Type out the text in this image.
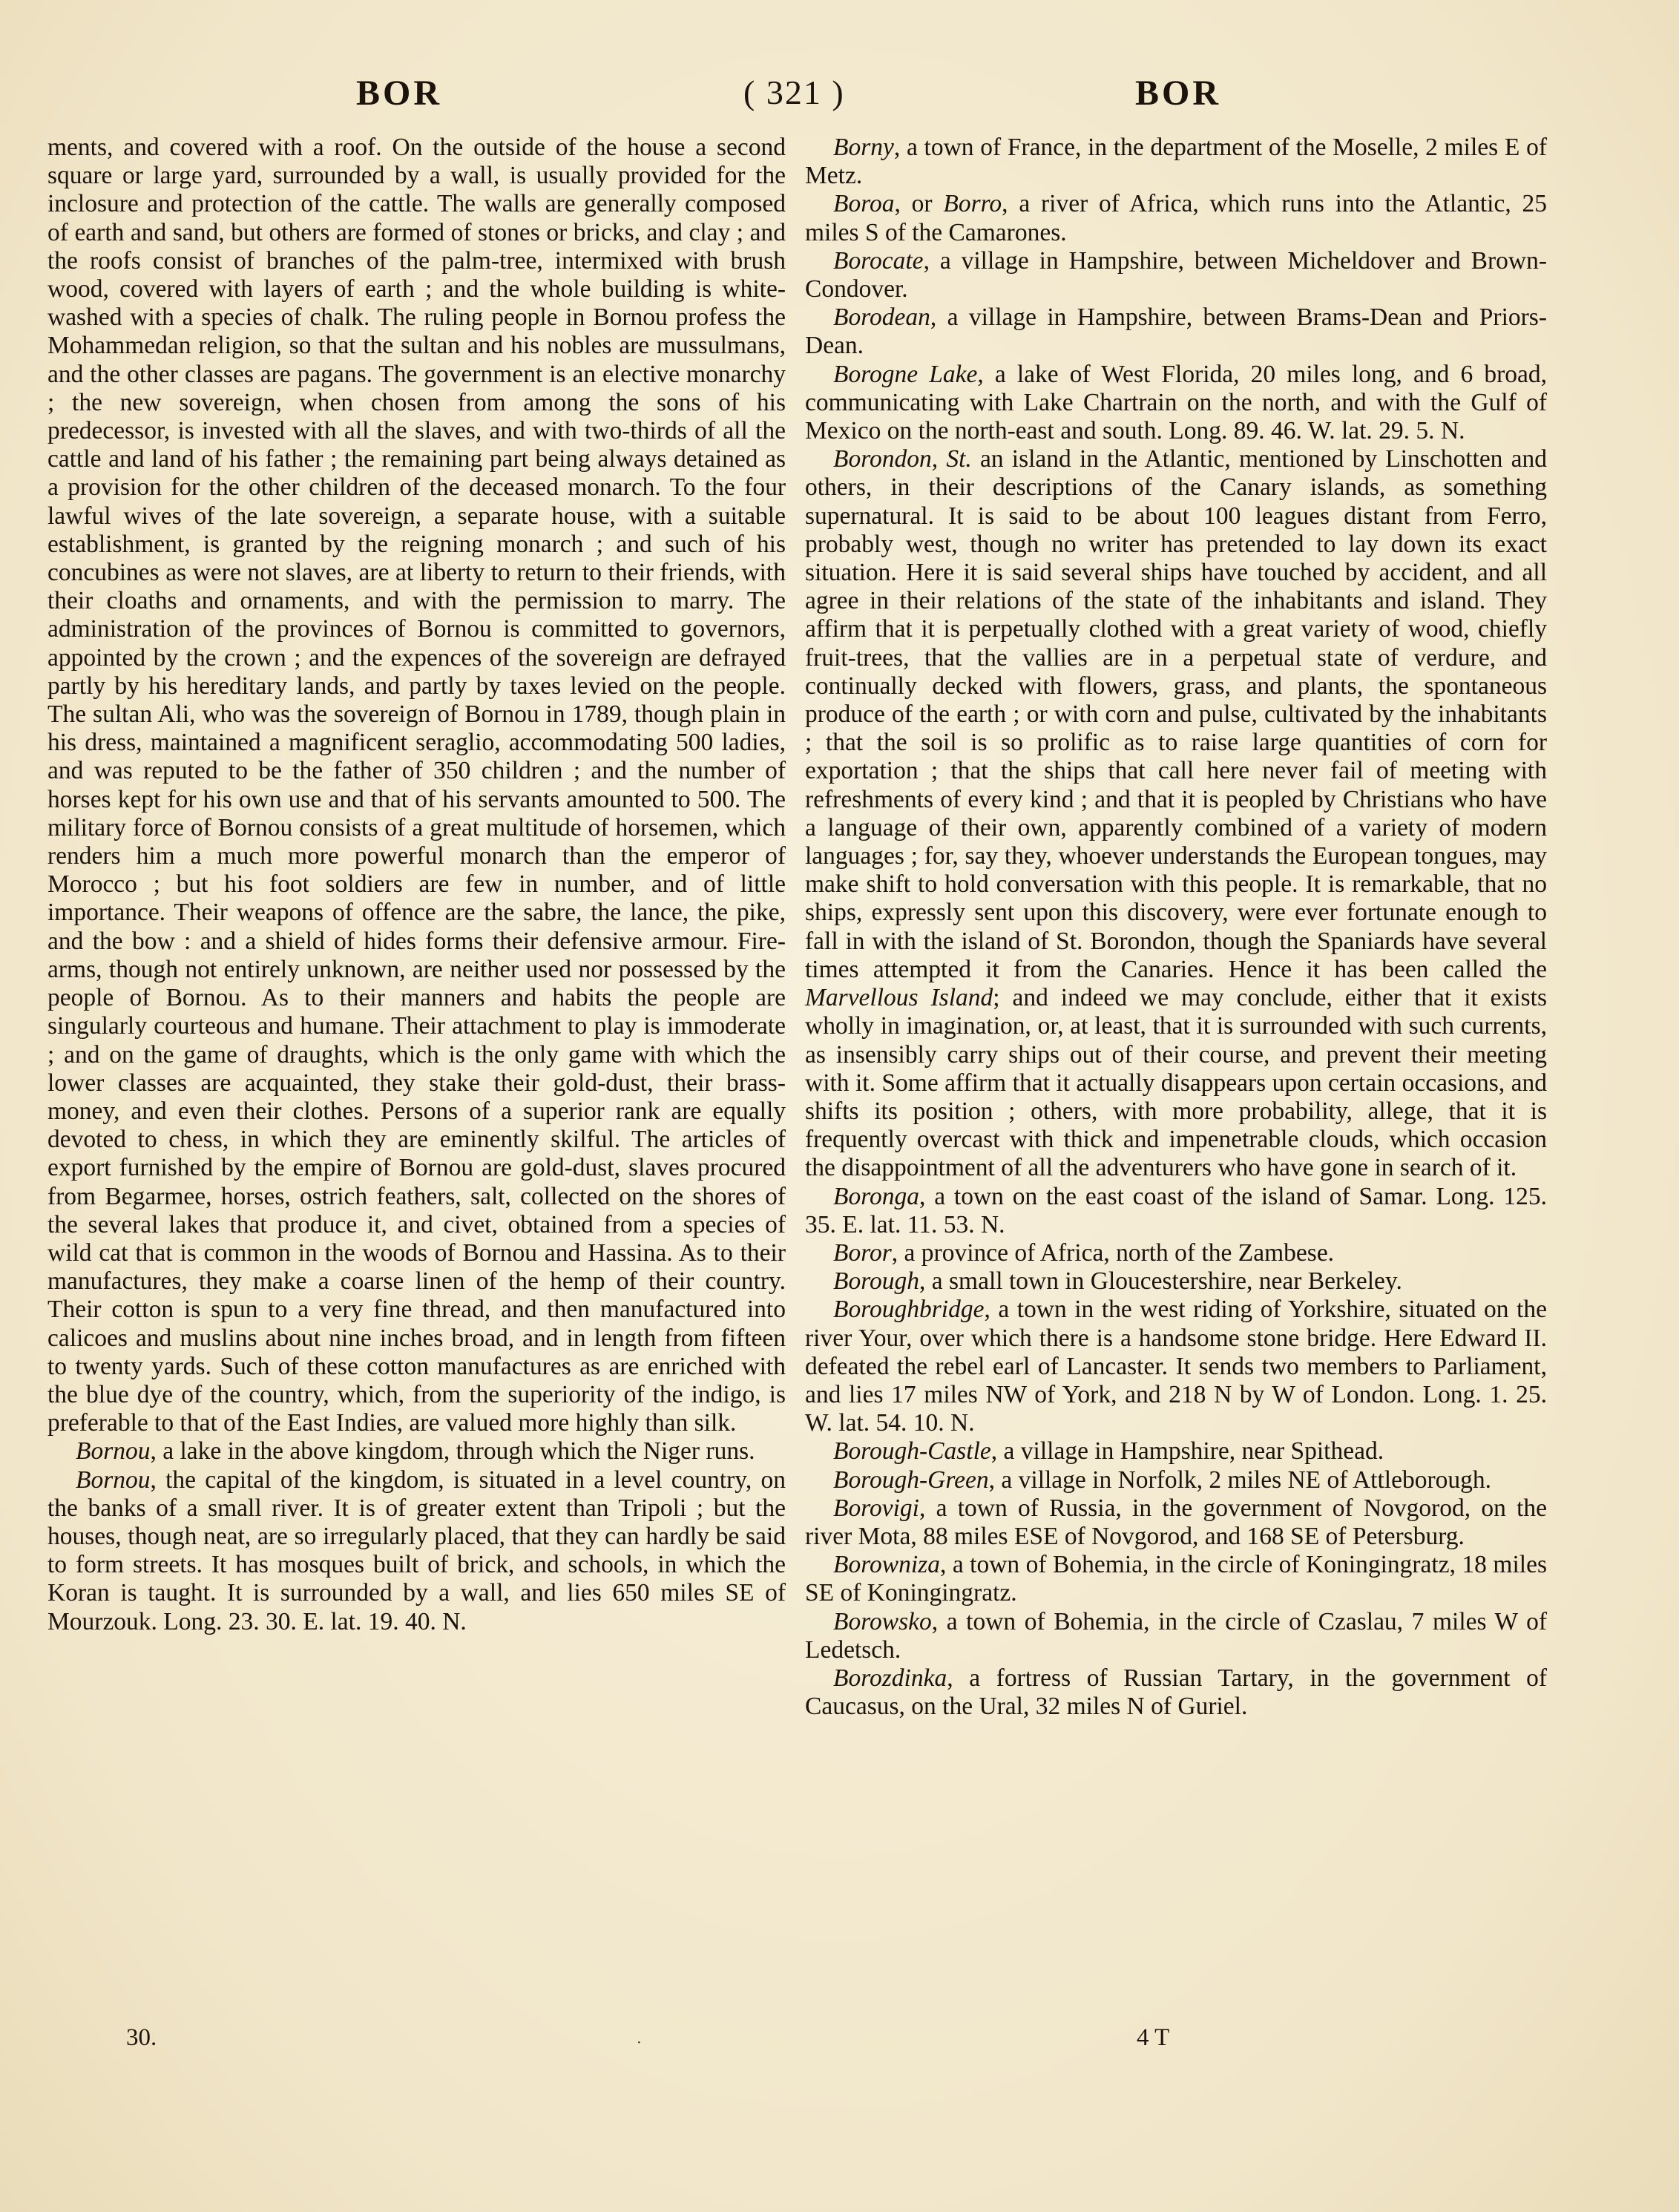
BOR	( 321 )	BOR

ments, and covered with a roof. On the outside of the house a second square or large yard, surrounded by a wall, is usually provided for the inclosure and protection of the cattle. The walls are generally composed of earth and sand, but others are formed of stones or bricks, and clay ; and the roofs consist of branches of the palm-tree, intermixed with brush wood, covered with layers of earth ; and the whole building is white-washed with a species of chalk. The ruling people in Bornou profess the Mohammedan religion, so that the sultan and his nobles are mussulmans, and the other classes are pagans. The government is an elective monarchy ; the new sovereign, when chosen from among the sons of his predecessor, is invested with all the slaves, and with two-thirds of all the cattle and land of his father ; the remaining part being always detained as a provision for the other children of the deceased monarch. To the four lawful wives of the late sovereign, a separate house, with a suitable establishment, is granted by the reigning monarch ; and such of his concubines as were not slaves, are at liberty to return to their friends, with their cloaths and ornaments, and with the permission to marry. The administration of the provinces of Bornou is committed to governors, appointed by the crown ; and the expences of the sovereign are defrayed partly by his hereditary lands, and partly by taxes levied on the people. The sultan Ali, who was the sovereign of Bornou in 1789, though plain in his dress, maintained a magnificent seraglio, accommodating 500 ladies, and was reputed to be the father of 350 children ; and the number of horses kept for his own use and that of his servants amounted to 500. The military force of Bornou consists of a great multitude of horsemen, which renders him a much more powerful monarch than the emperor of Morocco ; but his foot soldiers are few in number, and of little importance. Their weapons of offence are the sabre, the lance, the pike, and the bow : and a shield of hides forms their defensive armour. Fire-arms, though not entirely unknown, are neither used nor possessed by the people of Bornou. As to their manners and habits the people are singularly courteous and humane. Their attachment to play is immoderate ; and on the game of draughts, which is the only game with which the lower classes are acquainted, they stake their gold-dust, their brass-money, and even their clothes. Persons of a superior rank are equally devoted to chess, in which they are eminently skilful. The articles of export furnished by the empire of Bornou are gold-dust, slaves procured from Begarmee, horses, ostrich feathers, salt, collected on the shores of the several lakes that produce it, and civet, obtained from a species of wild cat that is common in the woods of Bornou and Hassina. As to their manufactures, they make a coarse linen of the hemp of their country. Their cotton is spun to a very fine thread, and then manufactured into calicoes and muslins about nine inches broad, and in length from fifteen to twenty yards. Such of these cotton manufactures as are enriched with the blue dye of the country, which, from the superiority of the indigo, is preferable to that of the East Indies, are valued more highly than silk.

Bornou, a lake in the above kingdom, through which the Niger runs.

Bornou, the capital of the kingdom, is situated in a level country, on the banks of a small river. It is of greater extent than Tripoli ; but the houses, though neat, are so irregularly placed, that they can hardly be said to form streets. It has mosques built of brick, and schools, in which the Koran is taught. It is surrounded by a wall, and lies 650 miles SE of Mourzouk. Long. 23. 30. E. lat. 19. 40. N.

Borny, a town of France, in the department of the Moselle, 2 miles E of Metz.

Boroa, or Borro, a river of Africa, which runs into the Atlantic, 25 miles S of the Camarones.

Borocate, a village in Hampshire, between Micheldover and Brown-Condover.

Borodean, a village in Hampshire, between Brams-Dean and Priors-Dean.

Borogne Lake, a lake of West Florida, 20 miles long, and 6 broad, communicating with Lake Chartrain on the north, and with the Gulf of Mexico on the north-east and south. Long. 89. 46. W. lat. 29. 5. N.

Borondon, St. an island in the Atlantic, mentioned by Linschotten and others, in their descriptions of the Canary islands, as something supernatural. It is said to be about 100 leagues distant from Ferro, probably west, though no writer has pretended to lay down its exact situation. Here it is said several ships have touched by accident, and all agree in their relations of the state of the inhabitants and island. They affirm that it is perpetually clothed with a great variety of wood, chiefly fruit-trees, that the vallies are in a perpetual state of verdure, and continually decked with flowers, grass, and plants, the spontaneous produce of the earth ; or with corn and pulse, cultivated by the inhabitants ; that the soil is so prolific as to raise large quantities of corn for exportation ; that the ships that call here never fail of meeting with refreshments of every kind ; and that it is peopled by Christians who have a language of their own, apparently combined of a variety of modern languages ; for, say they, whoever understands the European tongues, may make shift to hold conversation with this people. It is remarkable, that no ships, expressly sent upon this discovery, were ever fortunate enough to fall in with the island of St. Borondon, though the Spaniards have several times attempted it from the Canaries. Hence it has been called the Marvellous Island; and indeed we may conclude, either that it exists wholly in imagination, or, at least, that it is surrounded with such currents, as insensibly carry ships out of their course, and prevent their meeting with it. Some affirm that it actually disappears upon certain occasions, and shifts its position ; others, with more probability, allege, that it is frequently overcast with thick and impenetrable clouds, which occasion the disappointment of all the adventurers who have gone in search of it.

Boronga, a town on the east coast of the island of Samar. Long. 125. 35. E. lat. 11. 53. N.

Boror, a province of Africa, north of the Zambese.

Borough, a small town in Gloucestershire, near Berkeley.

Boroughbridge, a town in the west riding of Yorkshire, situated on the river Your, over which there is a handsome stone bridge. Here Edward II. defeated the rebel earl of Lancaster. It sends two members to Parliament, and lies 17 miles NW of York, and 218 N by W of London. Long. 1. 25. W. lat. 54. 10. N.

Borough-Castle, a village in Hampshire, near Spithead.

Borough-Green, a village in Norfolk, 2 miles NE of Attleborough.

Borovigi, a town of Russia, in the government of Novgorod, on the river Mota, 88 miles ESE of Novgorod, and 168 SE of Petersburg.

Borowniza, a town of Bohemia, in the circle of Koningingratz, 18 miles SE of Koningingratz.

Borowsko, a town of Bohemia, in the circle of Czaslau, 7 miles W of Ledetsch.

Borozdinka, a fortress of Russian Tartary, in the government of Caucasus, on the Ural, 32 miles N of Guriel.

30.	·	4 T
